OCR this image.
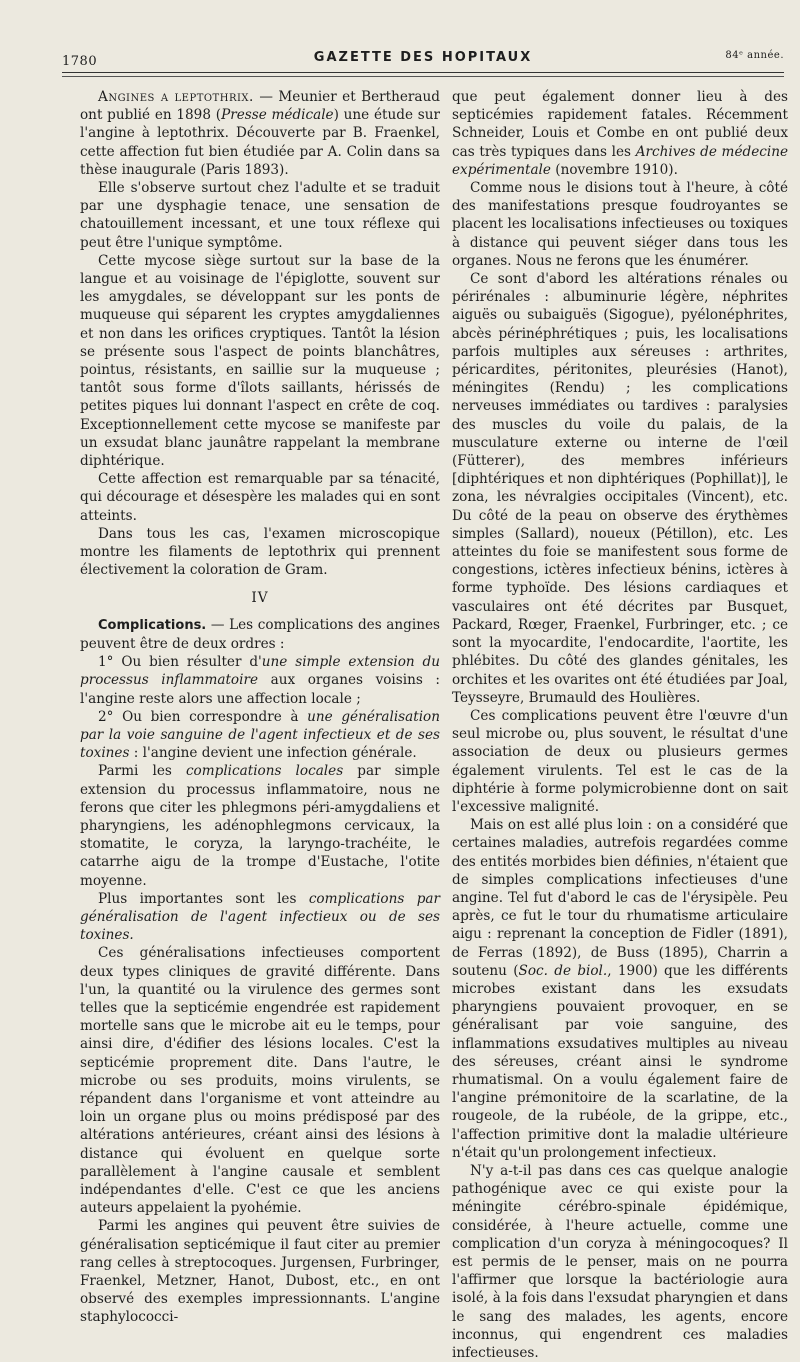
1780	GAZETTE DES HOPITAUX	84ᵉ année.

Angines a leptothrix. — Meunier et Bertheraud ont publié en 1898 (Presse médicale) une étude sur l'angine à leptothrix. Découverte par B. Fraenkel, cette affection fut bien étudiée par A. Colin dans sa thèse inaugurale (Paris 1893).

Elle s'observe surtout chez l'adulte et se traduit par une dysphagie tenace, une sensation de chatouillement incessant, et une toux réflexe qui peut être l'unique symptôme.

Cette mycose siège surtout sur la base de la langue et au voisinage de l'épiglotte, souvent sur les amygdales, se développant sur les ponts de muqueuse qui séparent les cryptes amygdaliennes et non dans les orifices cryptiques. Tantôt la lésion se présente sous l'aspect de points blanchâtres, pointus, résistants, en saillie sur la muqueuse ; tantôt sous forme d'îlots saillants, hérissés de petites piques lui donnant l'aspect en crête de coq. Exceptionnellement cette mycose se manifeste par un exsudat blanc jaunâtre rappelant la membrane diphtérique.

Cette affection est remarquable par sa ténacité, qui décourage et désespère les malades qui en sont atteints.

Dans tous les cas, l'examen microscopique montre les filaments de leptothrix qui prennent électivement la coloration de Gram.

IV

Complications. — Les complications des angines peuvent être de deux ordres :

1° Ou bien résulter d'une simple extension du processus inflammatoire aux organes voisins : l'angine reste alors une affection locale ;

2° Ou bien correspondre à une généralisation par la voie sanguine de l'agent infectieux et de ses toxines : l'angine devient une infection générale.

Parmi les complications locales par simple extension du processus inflammatoire, nous ne ferons que citer les phlegmons péri-amygdaliens et pharyngiens, les adénophlegmons cervicaux, la stomatite, le coryza, la laryngo-trachéite, le catarrhe aigu de la trompe d'Eustache, l'otite moyenne.

Plus importantes sont les complications par généralisation de l'agent infectieux ou de ses toxines.

Ces généralisations infectieuses comportent deux types cliniques de gravité différente. Dans l'un, la quantité ou la virulence des germes sont telles que la septicémie engendrée est rapidement mortelle sans que le microbe ait eu le temps, pour ainsi dire, d'édifier des lésions locales. C'est la septicémie proprement dite. Dans l'autre, le microbe ou ses produits, moins virulents, se répandent dans l'organisme et vont atteindre au loin un organe plus ou moins prédisposé par des altérations antérieures, créant ainsi des lésions à distance qui évoluent en quelque sorte parallèlement à l'angine causale et semblent indépendantes d'elle. C'est ce que les anciens auteurs appelaient la pyohémie.

Parmi les angines qui peuvent être suivies de généralisation septicémique il faut citer au premier rang celles à streptocoques. Jurgensen, Furbringer, Fraenkel, Metzner, Hanot, Dubost, etc., en ont observé des exemples impressionnants. L'angine staphylococci-

que peut également donner lieu à des septicémies rapidement fatales. Récemment Schneider, Louis et Combe en ont publié deux cas très typiques dans les Archives de médecine expérimentale (novembre 1910).

Comme nous le disions tout à l'heure, à côté des manifestations presque foudroyantes se placent les localisations infectieuses ou toxiques à distance qui peuvent siéger dans tous les organes. Nous ne ferons que les énumérer.

Ce sont d'abord les altérations rénales ou périrénales : albuminurie légère, néphrites aiguës ou subaiguës (Sigogue), pyélonéphrites, abcès périnéphrétiques ; puis, les localisations parfois multiples aux séreuses : arthrites, péricardites, péritonites, pleurésies (Hanot), méningites (Rendu) ; les complications nerveuses immédiates ou tardives : paralysies des muscles du voile du palais, de la musculature externe ou interne de l'œil (Fütterer), des membres inférieurs [diphtériques et non diphtériques (Pophillat)], le zona, les névralgies occipitales (Vincent), etc. Du côté de la peau on observe des érythèmes simples (Sallard), noueux (Pétillon), etc. Les atteintes du foie se manifestent sous forme de congestions, ictères infectieux bénins, ictères à forme typhoïde. Des lésions cardiaques et vasculaires ont été décrites par Busquet, Packard, Rœger, Fraenkel, Furbringer, etc. ; ce sont la myocardite, l'endocardite, l'aortite, les phlébites. Du côté des glandes génitales, les orchites et les ovarites ont été étudiées par Joal, Teysseyre, Brumauld des Houlières.

Ces complications peuvent être l'œuvre d'un seul microbe ou, plus souvent, le résultat d'une association de deux ou plusieurs germes également virulents. Tel est le cas de la diphtérie à forme polymicrobienne dont on sait l'excessive malignité.

Mais on est allé plus loin : on a considéré que certaines maladies, autrefois regardées comme des entités morbides bien définies, n'étaient que de simples complications infectieuses d'une angine. Tel fut d'abord le cas de l'érysipèle. Peu après, ce fut le tour du rhumatisme articulaire aigu : reprenant la conception de Fidler (1891), de Ferras (1892), de Buss (1895), Charrin a soutenu (Soc. de biol., 1900) que les différents microbes existant dans les exsudats pharyngiens pouvaient provoquer, en se généralisant par voie sanguine, des inflammations exsudatives multiples au niveau des séreuses, créant ainsi le syndrome rhumatismal. On a voulu également faire de l'angine prémonitoire de la scarlatine, de la rougeole, de la rubéole, de la grippe, etc., l'affection primitive dont la maladie ultérieure n'était qu'un prolongement infectieux.

N'y a-t-il pas dans ces cas quelque analogie pathogénique avec ce qui existe pour la méningite cérébro-spinale épidémique, considérée, à l'heure actuelle, comme une complication d'un coryza à méningocoques? Il est permis de le penser, mais on ne pourra l'affirmer que lorsque la bactériologie aura isolé, à la fois dans l'exsudat pharyngien et dans le sang des malades, les agents, encore inconnus, qui engendrent ces maladies infectieuses.
